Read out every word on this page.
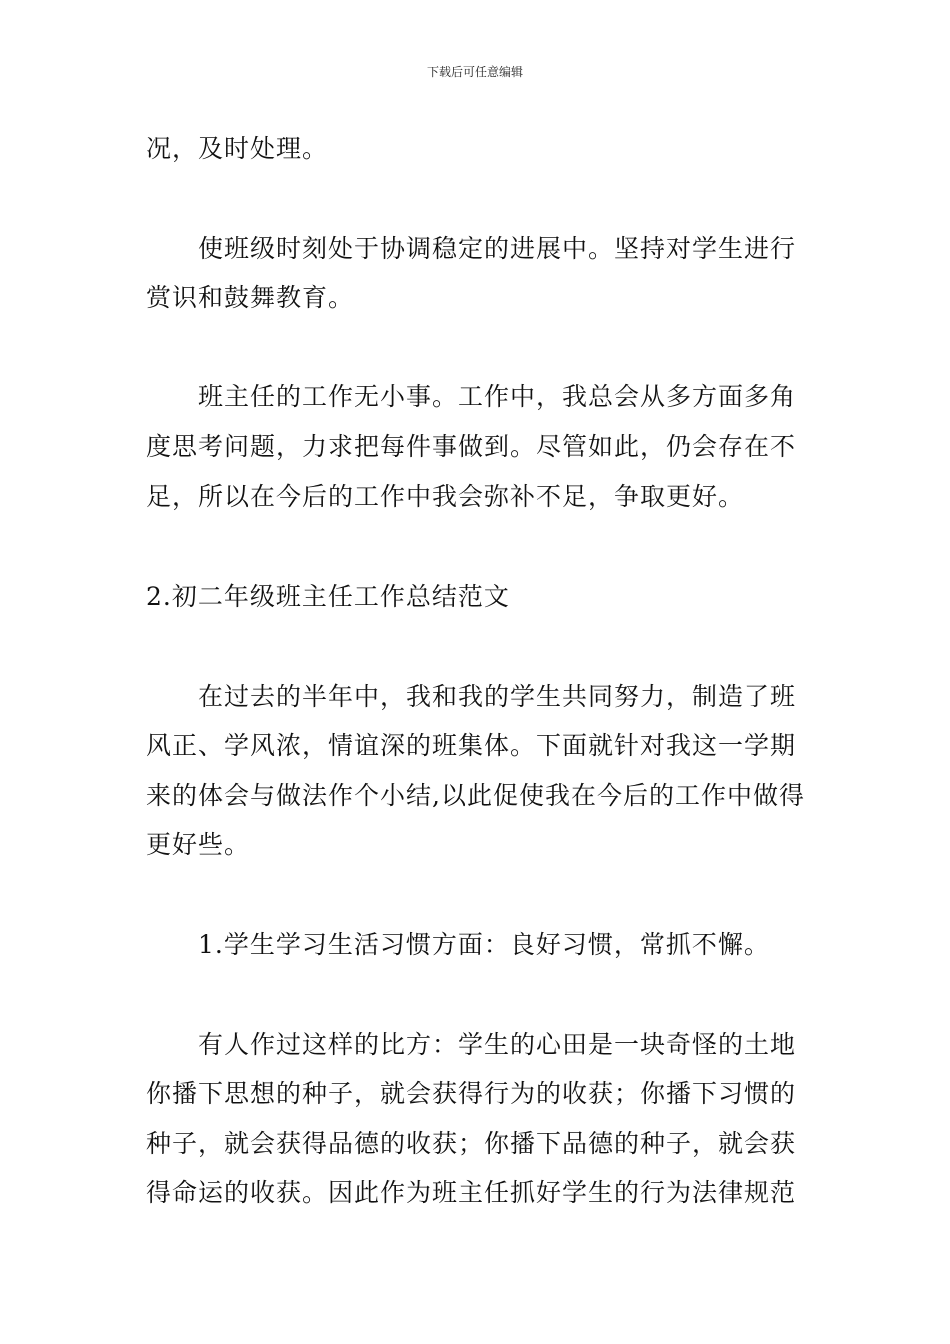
下载后可任意编辑
况，及时处理。
使班级时刻处于协调稳定的进展中。坚持对学生进行
赏识和鼓舞教育。
班主任的工作无小事。工作中，我总会从多方面多角
度思考问题，力求把每件事做到。尽管如此，仍会存在不
足，所以在今后的工作中我会弥补不足，争取更好。
2.初二年级班主任工作总结范文
在过去的半年中，我和我的学生共同努力，制造了班
风正、学风浓，情谊深的班集体。下面就针对我这一学期
来的体会与做法作个小结,以此促使我在今后的工作中做得
更好些。
1.学生学习生活习惯方面：良好习惯，常抓不懈。
有人作过这样的比方：学生的心田是一块奇怪的土地
你播下思想的种子，就会获得行为的收获；你播下习惯的
种子，就会获得品德的收获；你播下品德的种子，就会获
得命运的收获。因此作为班主任抓好学生的行为法律规范
